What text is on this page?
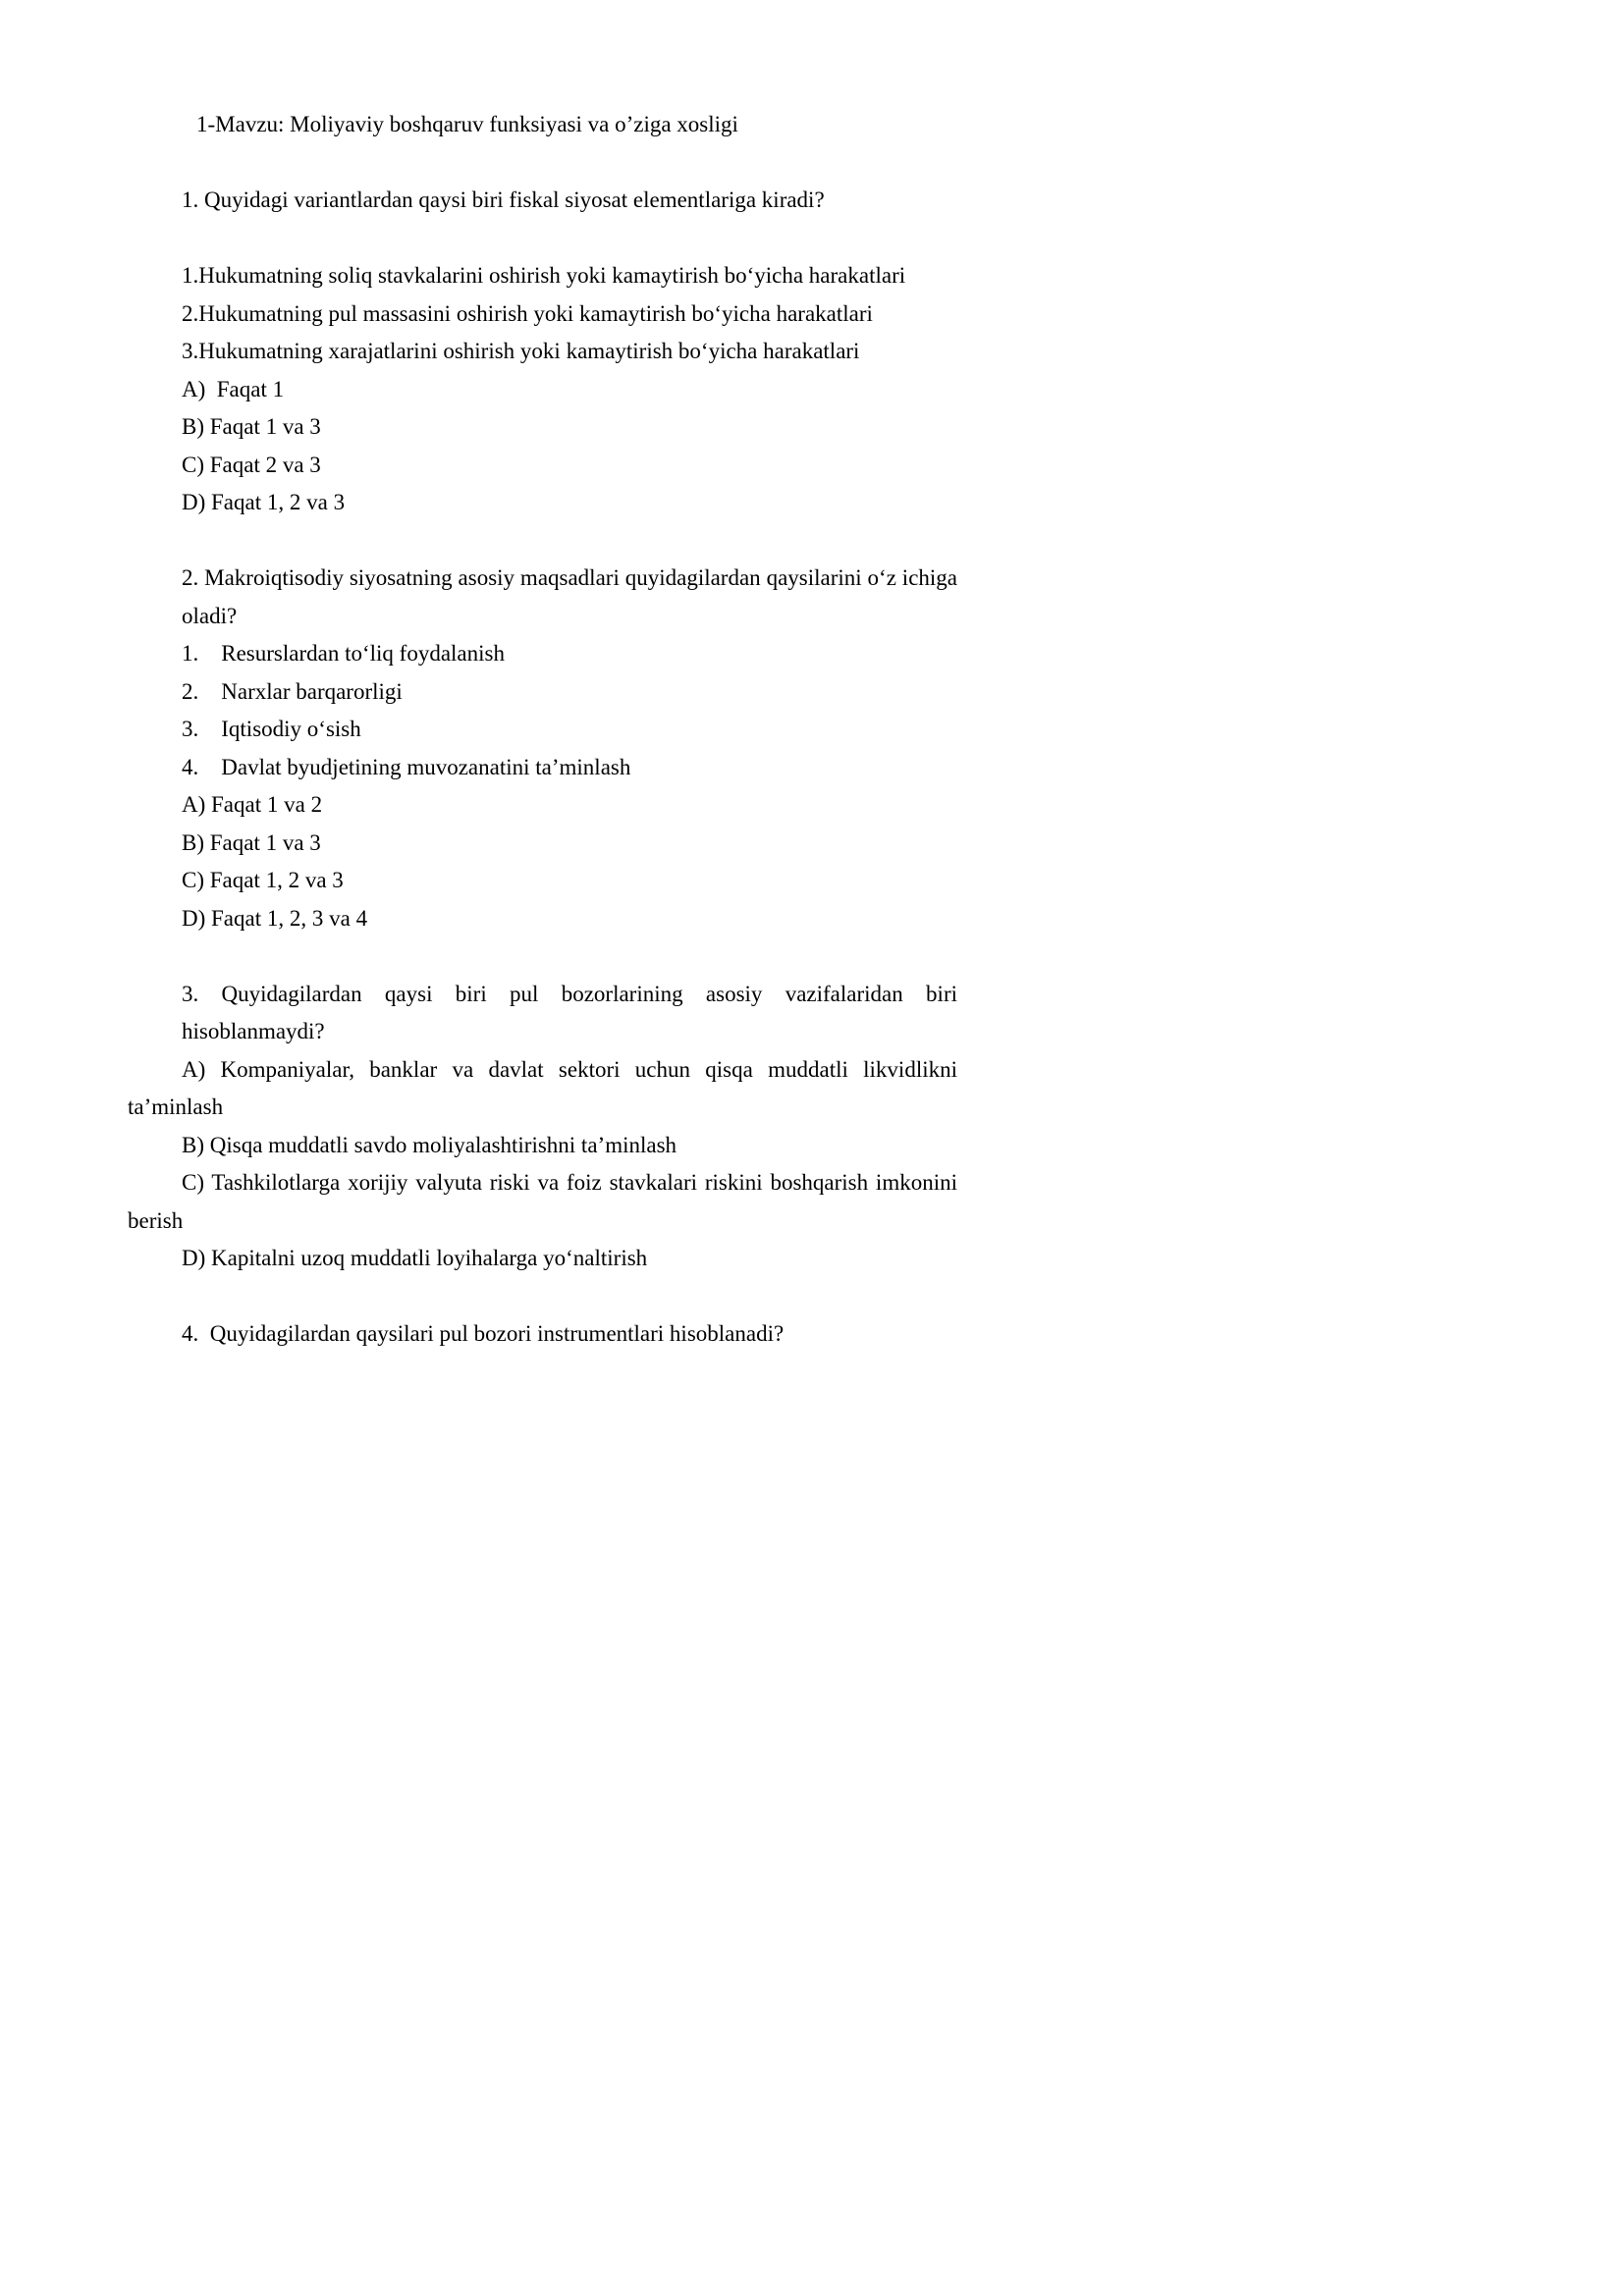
1-Mavzu: Moliyaviy boshqaruv funksiyasi va o’ziga xosligi

1. Quyidagi variantlardan qaysi biri fiskal siyosat elementlariga kiradi?

1.Hukumatning soliq stavkalarini oshirish yoki kamaytirish boʻyicha harakatlari

2.Hukumatning pul massasini oshirish yoki kamaytirish boʻyicha harakatlari

3.Hukumatning xarajatlarini oshirish yoki kamaytirish boʻyicha harakatlari

A)  Faqat 1

B) Faqat 1 va 3

C) Faqat 2 va 3

D) Faqat 1, 2 va 3

2. Makroiqtisodiy siyosatning asosiy maqsadlari quyidagilardan qaysilarini oʻz ichiga oladi?

1.    Resurslardan toʻliq foydalanish

2.    Narxlar barqarorligi

3.    Iqtisodiy oʻsish

4.    Davlat byudjetining muvozanatini ta’minlash

A) Faqat 1 va 2

B) Faqat 1 va 3

C) Faqat 1, 2 va 3

D) Faqat 1, 2, 3 va 4

3. Quyidagilardan qaysi biri pul bozorlarining asosiy vazifalaridan biri hisoblanmaydi?

A) Kompaniyalar, banklar va davlat sektori uchun qisqa muddatli likvidlikni ta’minlash

B) Qisqa muddatli savdo moliyalashtirishni ta’minlash

C) Tashkilotlarga xorijiy valyuta riski va foiz stavkalari riskini boshqarish imkonini berish

D) Kapitalni uzoq muddatli loyihalarga yoʻnaltirish

4.  Quyidagilardan qaysilari pul bozori instrumentlari hisoblanadi?
